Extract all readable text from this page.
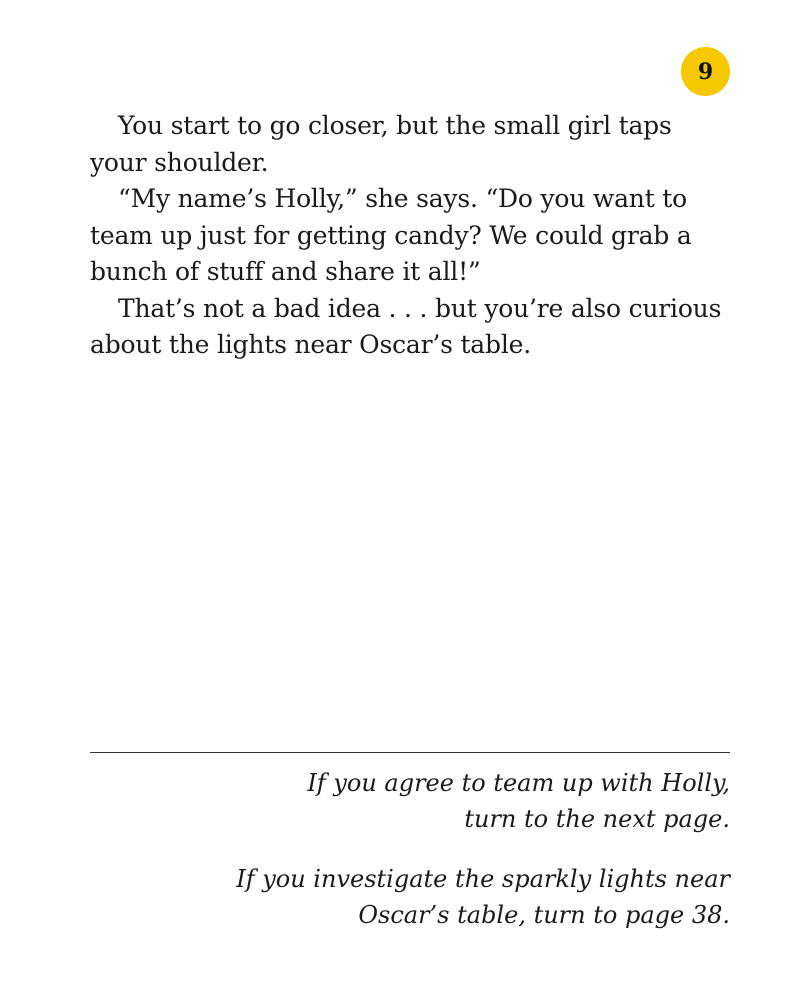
9

You start to go closer, but the small girl taps your shoulder.

“My name’s Holly,” she says. “Do you want to team up just for getting candy? We could grab a bunch of stuff and share it all!”

That’s not a bad idea . . . but you’re also curious about the lights near Oscar’s table.

If you agree to team up with Holly,
turn to the next page.
If you investigate the sparkly lights near
Oscar’s table, turn to page 38.
